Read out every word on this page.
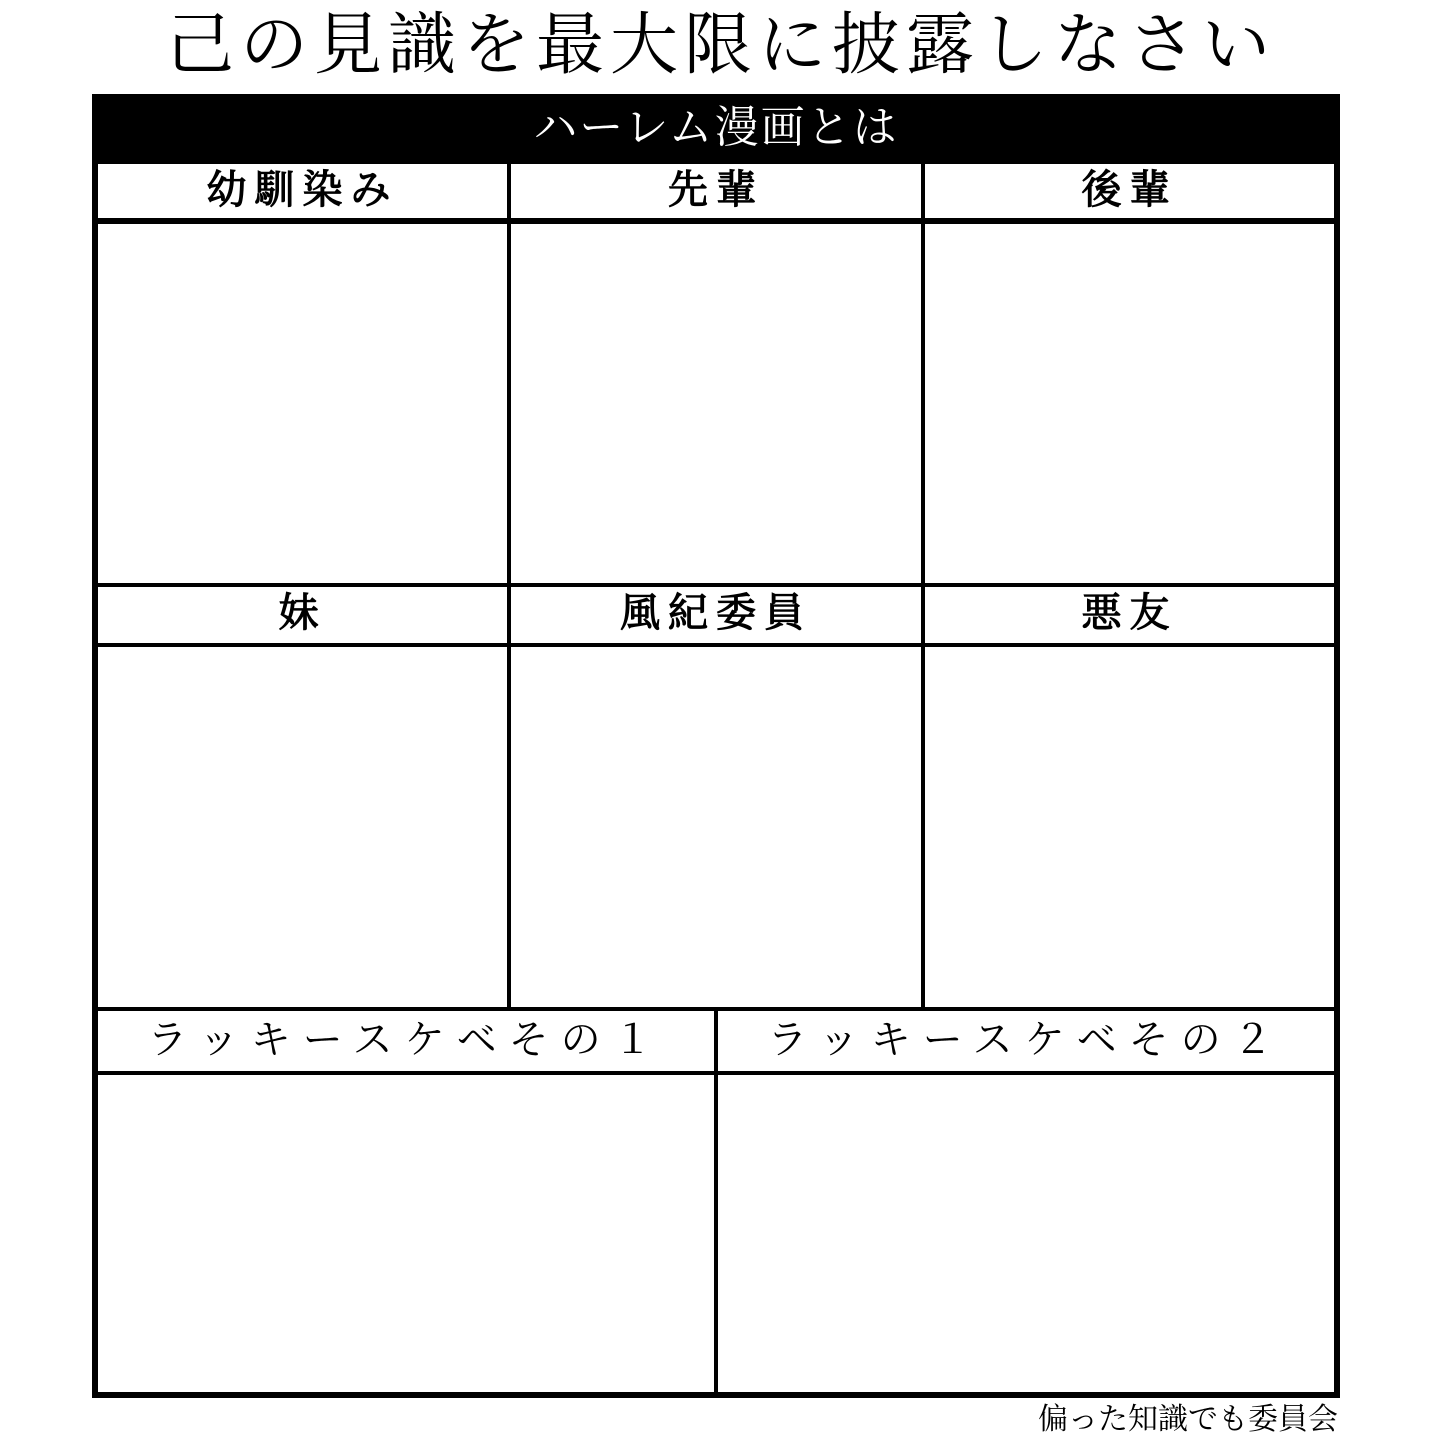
己の見識を最大限に披露しなさい
ハーレム漫画とは
幼馴染み	先輩	後輩
妹	風紀委員	悪友
ラッキースケベその１	ラッキースケベその２
偏った知識でも委員会
